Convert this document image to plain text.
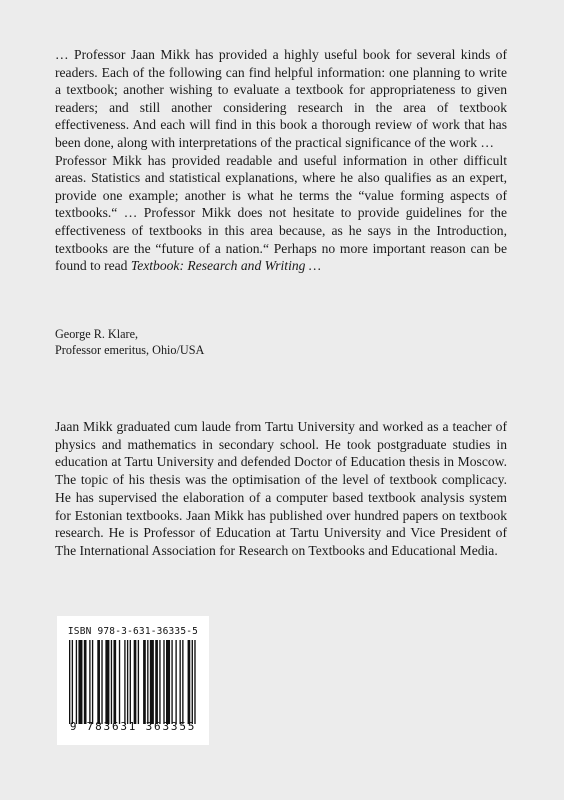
… Professor Jaan Mikk has provided a highly useful book for several kinds of readers. Each of the following can find helpful information: one planning to write a textbook; another wishing to evaluate a textbook for appropriateness to given readers; and still another considering research in the area of textbook effectiveness. And each will find in this book a thorough review of work that has been done, along with interpretations of the practical significance of the work …

Professor Mikk has provided readable and useful information in other difficult areas. Statistics and statistical explanations, where he also qualifies as an expert, provide one example; another is what he terms the “value forming aspects of textbooks.“ … Professor Mikk does not hesitate to provide guidelines for the effectiveness of textbooks in this area because, as he says in the Introduction, textbooks are the “future of a nation.“ Perhaps no more important reason can be found to read Textbook: Research and Writing …

George R. Klare,
Professor emeritus, Ohio/USA

Jaan Mikk graduated cum laude from Tartu University and worked as a teacher of physics and mathematics in secondary school. He took postgraduate studies in education at Tartu University and defended Doctor of Education thesis in Moscow. The topic of his thesis was the optimisation of the level of textbook complicacy. He has supervised the elaboration of a computer based textbook analysis system for Estonian textbooks. Jaan Mikk has published over hundred papers on textbook research. He is Professor of Education at Tartu University and Vice President of The International Association for Research on Textbooks and Educational Media.

ISBN 978-3-631-36335-5
9 783631 363355
